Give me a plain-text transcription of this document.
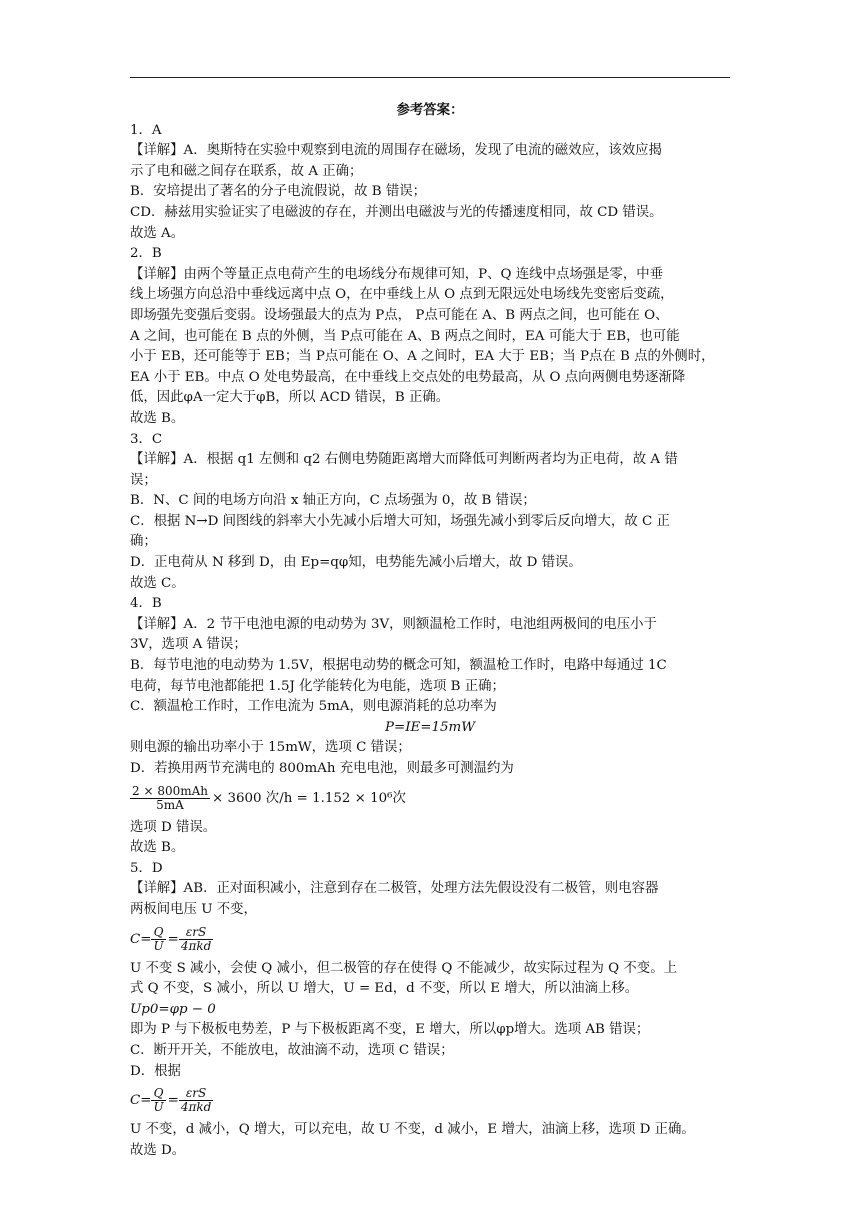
参考答案：
1．A
【详解】A．奥斯特在实验中观察到电流的周围存在磁场，发现了电流的磁效应，该效应揭
示了电和磁之间存在联系，故 A 正确；
B．安培提出了著名的分子电流假说，故 B 错误；
CD．赫兹用实验证实了电磁波的存在，并测出电磁波与光的传播速度相同，故 CD 错误。
故选 A。
2．B
【详解】由两个等量正点电荷产生的电场线分布规律可知，P、Q 连线中点场强是零，中垂
线上场强方向总沿中垂线远离中点 O，在中垂线上从 O 点到无限远处电场线先变密后变疏，
即场强先变强后变弱。设场强最大的点为 P点， P点可能在 A、B 两点之间，也可能在 O、
A 之间，也可能在 B 点的外侧，当 P点可能在 A、B 两点之间时，EA 可能大于 EB，也可能
小于 EB，还可能等于 EB；当 P点可能在 O、A 之间时，EA 大于 EB；当 P点在 B 点的外侧时，
EA 小于 EB。中点 O 处电势最高，在中垂线上交点处的电势最高，从 O 点向两侧电势逐渐降
低，因此φA一定大于φB，所以 ACD 错误，B 正确。
故选 B。
3．C
【详解】A．根据 q1 左侧和 q2 右侧电势随距离增大而降低可判断两者均为正电荷，故 A 错
误；
B．N、C 间的电场方向沿 x 轴正方向，C 点场强为 0，故 B 错误；
C．根据 N→D 间图线的斜率大小先减小后增大可知，场强先减小到零后反向增大，故 C 正
确；
D．正电荷从 N 移到 D，由 Ep=qφ知，电势能先减小后增大，故 D 错误。
故选 C。
4．B
【详解】A．2 节干电池电源的电动势为 3V，则额温枪工作时，电池组两极间的电压小于
3V，选项 A 错误；
B．每节电池的电动势为 1.5V，根据电动势的概念可知，额温枪工作时，电路中每通过 1C
电荷，每节电池都能把 1.5J 化学能转化为电能，选项 B 正确；
C．额温枪工作时，工作电流为 5mA，则电源消耗的总功率为
P=IE=15mW
则电源的输出功率小于 15mW，选项 C 错误；
D．若换用两节充满电的 800mAh 充电电池，则最多可测温约为
$\frac{\text{2 × 800mAh}}{5mA} \times 3600$ 次/h = 1.152 × 10⁶次
选项 D 错误。
故选 B。
5．D
【详解】AB．正对面积减小，注意到存在二极管，处理方法先假设没有二极管，则电容器
两板间电压 U 不变，
$C= \frac{Q}{U} = \frac{\text{εrS}}{\text{4πkd}}$
U 不变 S 减小，会使 Q 减小，但二极管的存在使得 Q 不能减少，故实际过程为 Q 不变。上
式 Q 不变，S 减小，所以 U 增大，U = Ed，d 不变，所以 E 增大，所以油滴上移。
Up0=φp − 0
即为 P 与下极板电势差，P 与下极板距离不变，E 增大，所以φp增大。选项 AB 错误；
C．断开开关，不能放电，故油滴不动，选项 C 错误；
D．根据
$C= \frac{Q}{U} = \frac{\text{εrS}}{\text{4πkd}}$
U 不变，d 减小，Q 增大，可以充电，故 U 不变，d 减小，E 增大，油滴上移，选项 D 正确。
故选 D。
